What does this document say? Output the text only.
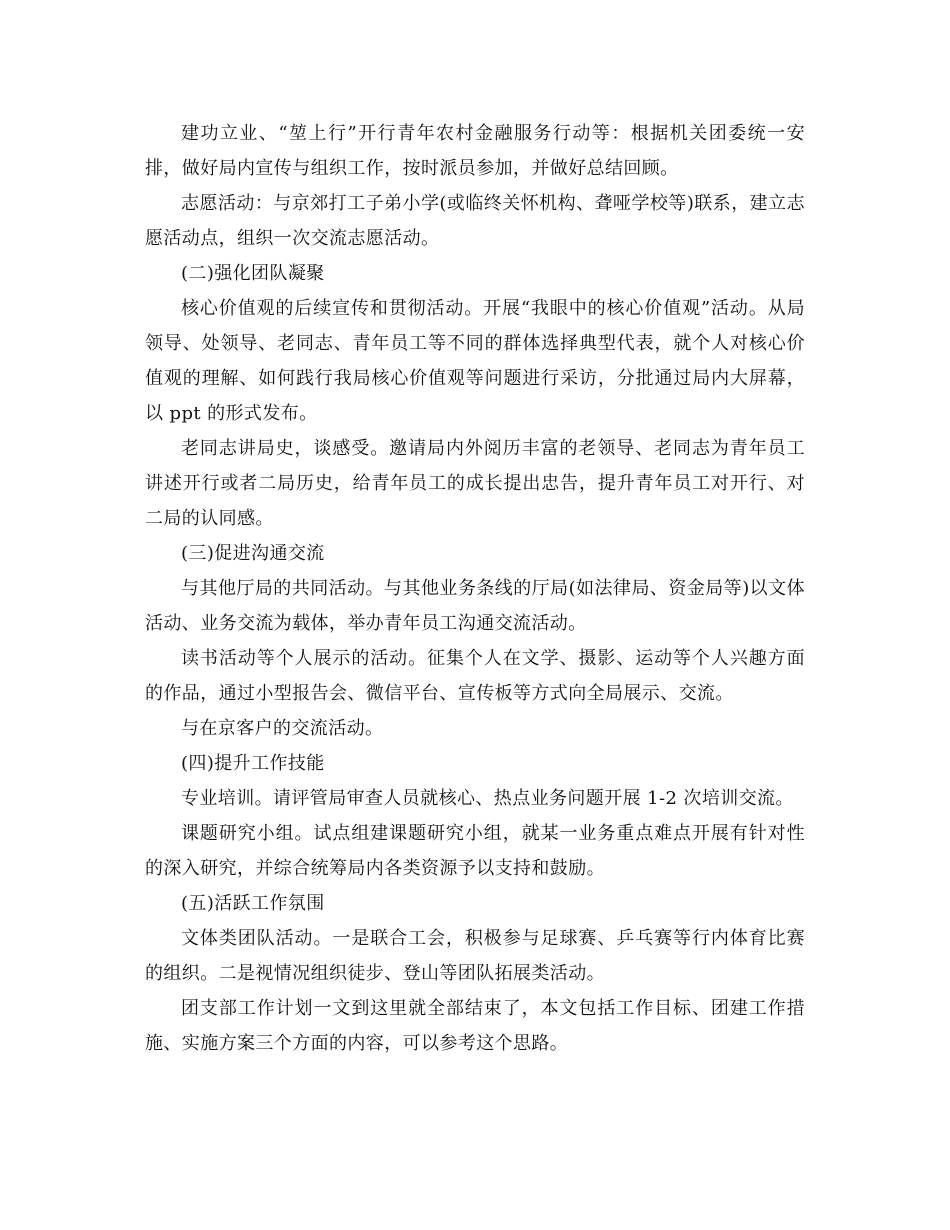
建功立业、“堃上行”开行青年农村金融服务行动等：根据机关团委统一安排，做好局内宣传与组织工作，按时派员参加，并做好总结回顾。

志愿活动：与京郊打工子弟小学(或临终关怀机构、聋哑学校等)联系，建立志愿活动点，组织一次交流志愿活动。

(二)强化团队凝聚

核心价值观的后续宣传和贯彻活动。开展“我眼中的核心价值观”活动。从局领导、处领导、老同志、青年员工等不同的群体选择典型代表，就个人对核心价值观的理解、如何践行我局核心价值观等问题进行采访，分批通过局内大屏幕，以 ppt 的形式发布。

老同志讲局史，谈感受。邀请局内外阅历丰富的老领导、老同志为青年员工讲述开行或者二局历史，给青年员工的成长提出忠告，提升青年员工对开行、对二局的认同感。

(三)促进沟通交流

与其他厅局的共同活动。与其他业务条线的厅局(如法律局、资金局等)以文体活动、业务交流为载体，举办青年员工沟通交流活动。

读书活动等个人展示的活动。征集个人在文学、摄影、运动等个人兴趣方面的作品，通过小型报告会、微信平台、宣传板等方式向全局展示、交流。

与在京客户的交流活动。

(四)提升工作技能

专业培训。请评管局审查人员就核心、热点业务问题开展 1-2 次培训交流。

课题研究小组。试点组建课题研究小组，就某一业务重点难点开展有针对性的深入研究，并综合统筹局内各类资源予以支持和鼓励。

(五)活跃工作氛围

文体类团队活动。一是联合工会，积极参与足球赛、乒乓赛等行内体育比赛的组织。二是视情况组织徒步、登山等团队拓展类活动。

团支部工作计划一文到这里就全部结束了，本文包括工作目标、团建工作措施、实施方案三个方面的内容，可以参考这个思路。
